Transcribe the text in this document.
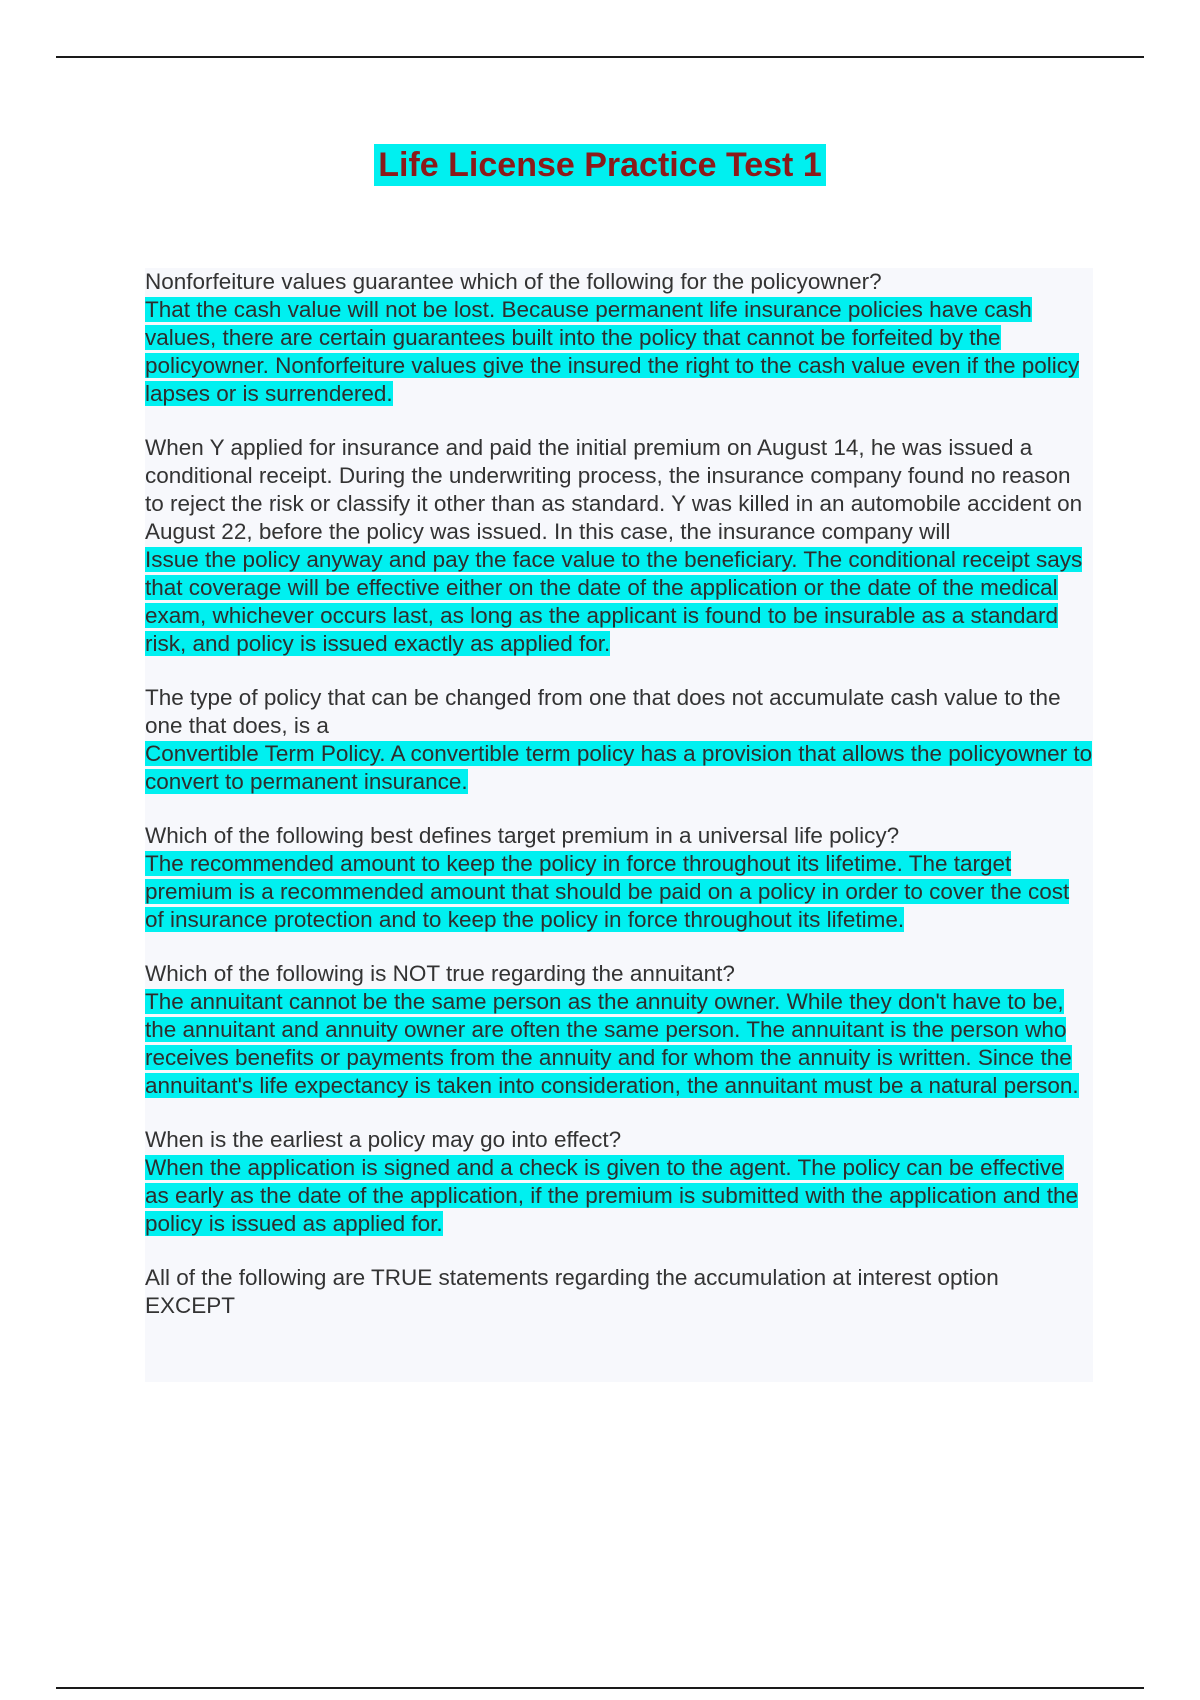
Life License Practice Test 1
Nonforfeiture values guarantee which of the following for the policyowner?
That the cash value will not be lost. Because permanent life insurance policies have cash values, there are certain guarantees built into the policy that cannot be forfeited by the policyowner. Nonforfeiture values give the insured the right to the cash value even if the policy lapses or is surrendered.
When Y applied for insurance and paid the initial premium on August 14, he was issued a conditional receipt. During the underwriting process, the insurance company found no reason to reject the risk or classify it other than as standard. Y was killed in an automobile accident on August 22, before the policy was issued. In this case, the insurance company will
Issue the policy anyway and pay the face value to the beneficiary. The conditional receipt says that coverage will be effective either on the date of the application or the date of the medical exam, whichever occurs last, as long as the applicant is found to be insurable as a standard risk, and policy is issued exactly as applied for.
The type of policy that can be changed from one that does not accumulate cash value to the one that does, is a
Convertible Term Policy. A convertible term policy has a provision that allows the policyowner to convert to permanent insurance.
Which of the following best defines target premium in a universal life policy?
The recommended amount to keep the policy in force throughout its lifetime. The target premium is a recommended amount that should be paid on a policy in order to cover the cost of insurance protection and to keep the policy in force throughout its lifetime.
Which of the following is NOT true regarding the annuitant?
The annuitant cannot be the same person as the annuity owner. While they don't have to be, the annuitant and annuity owner are often the same person. The annuitant is the person who receives benefits or payments from the annuity and for whom the annuity is written. Since the annuitant's life expectancy is taken into consideration, the annuitant must be a natural person.
When is the earliest a policy may go into effect?
When the application is signed and a check is given to the agent. The policy can be effective as early as the date of the application, if the premium is submitted with the application and the policy is issued as applied for.
All of the following are TRUE statements regarding the accumulation at interest option EXCEPT
